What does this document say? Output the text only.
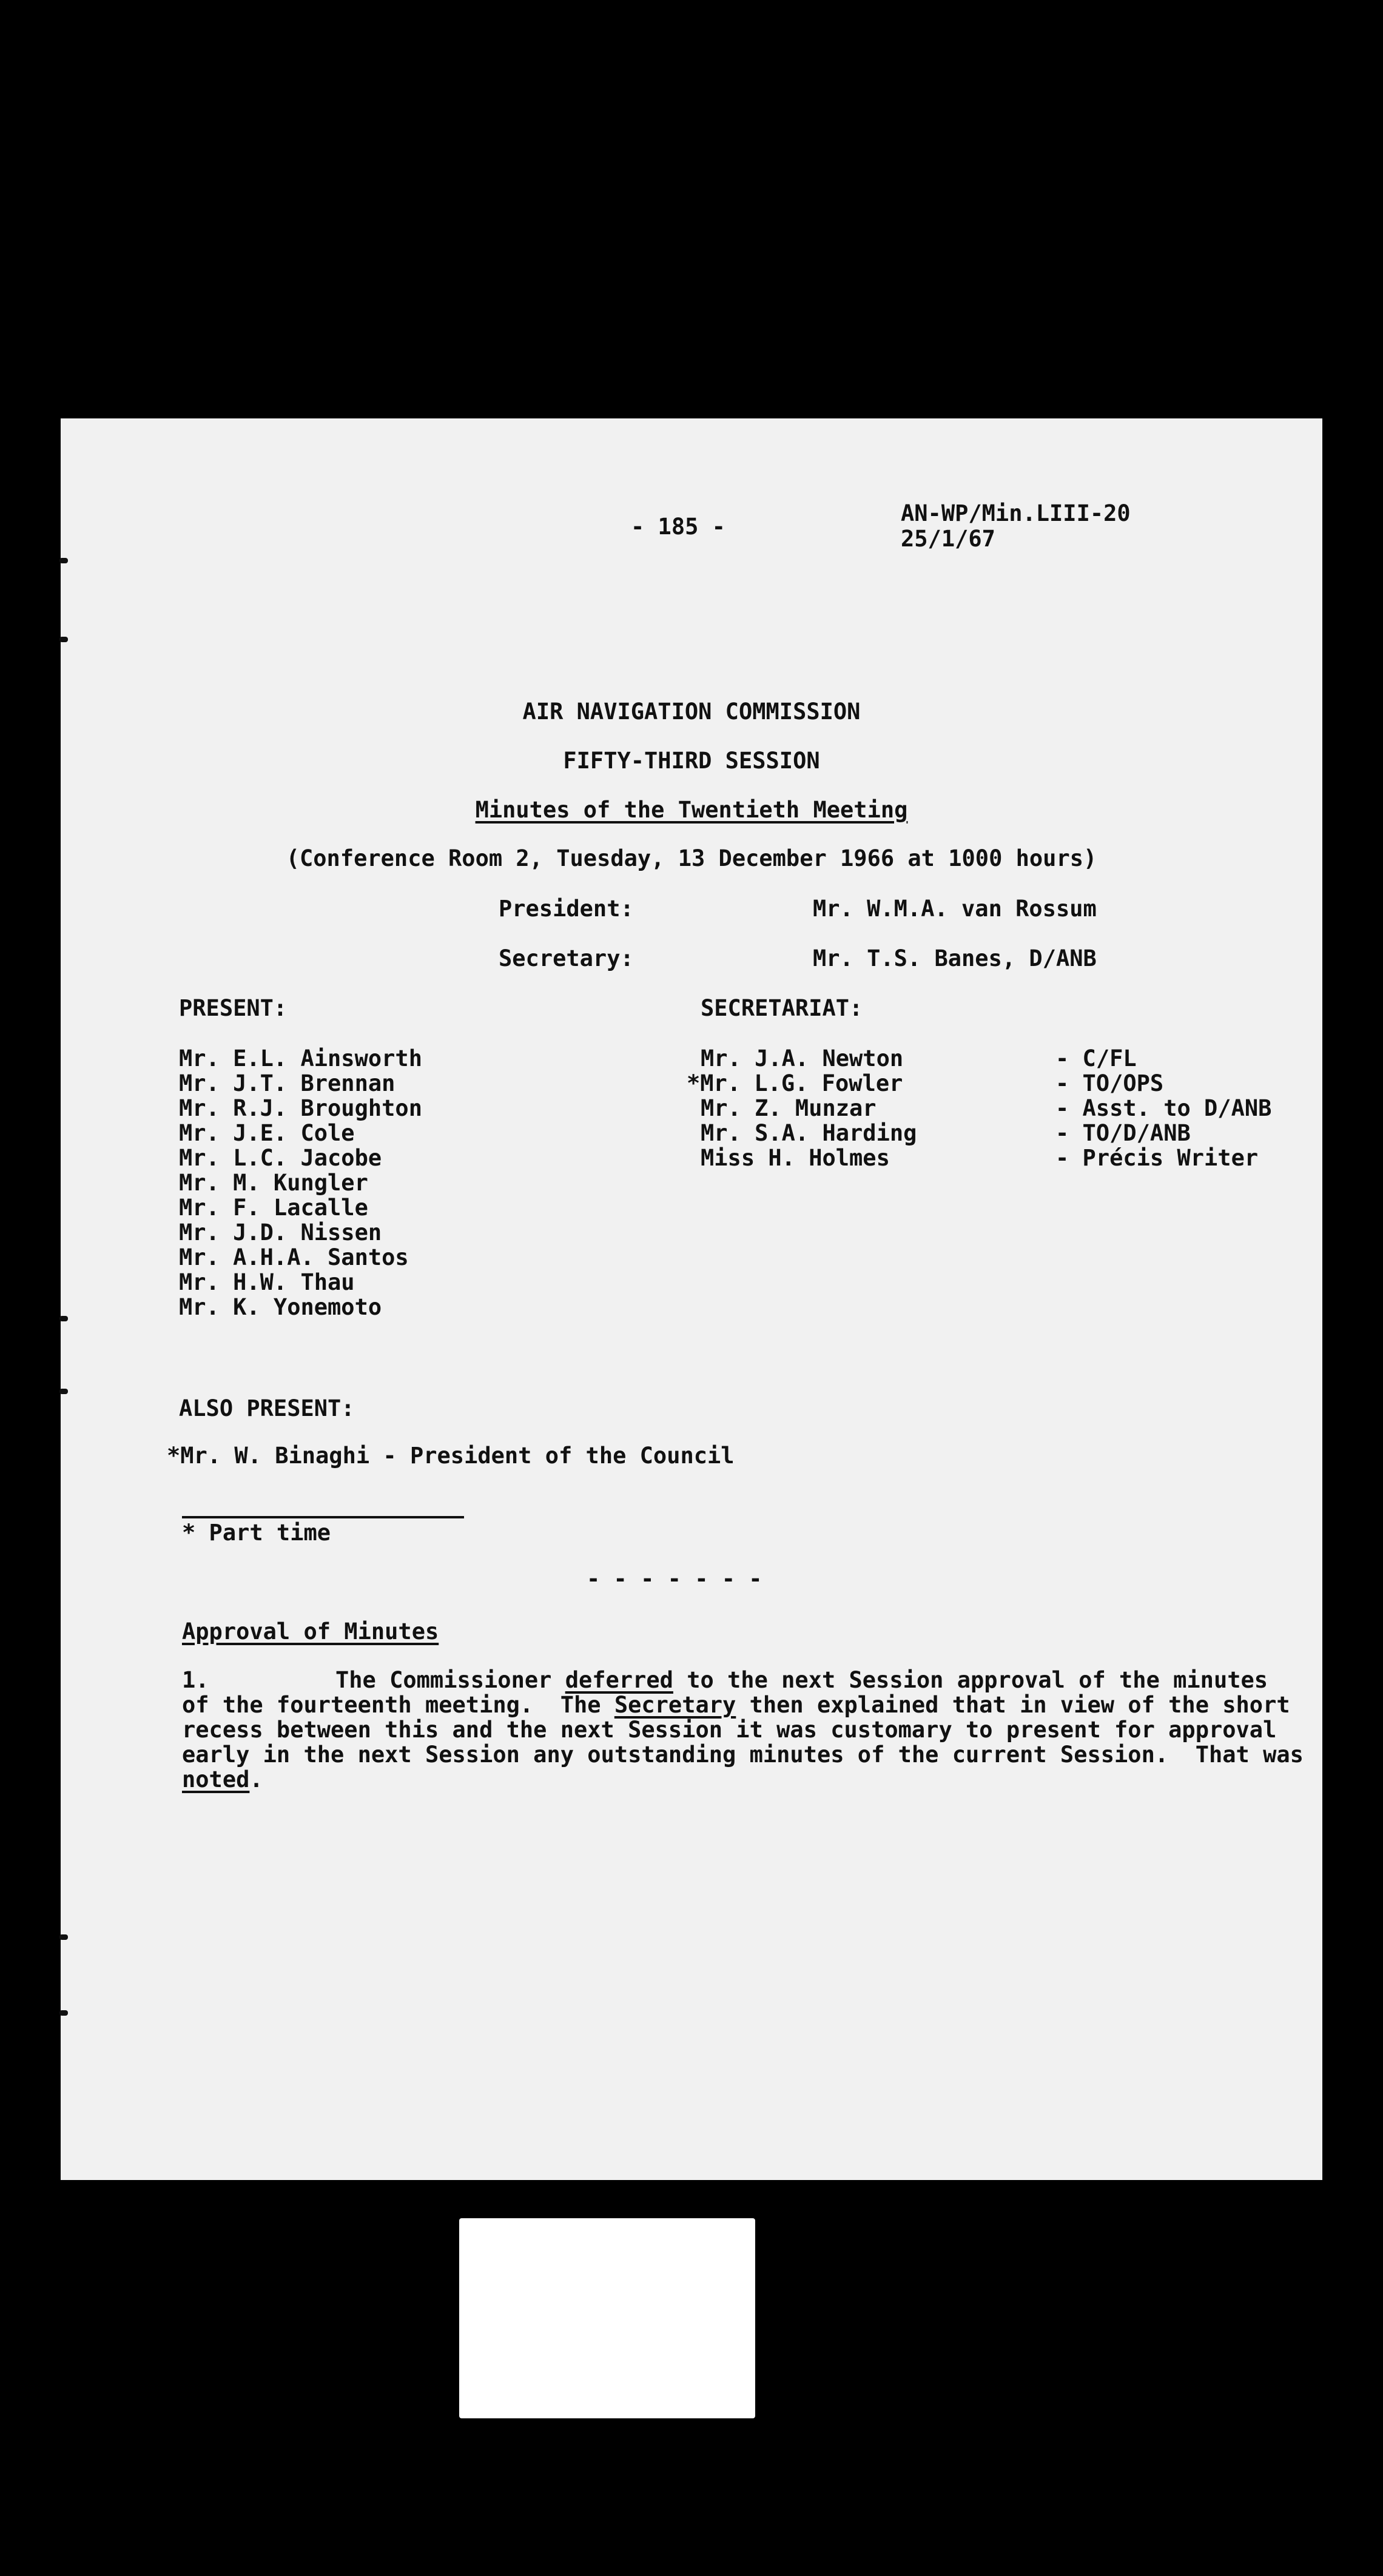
- 185 -
AN-WP/Min.LIII-20
25/1/67
AIR NAVIGATION COMMISSION
FIFTY-THIRD SESSION
Minutes of the Twentieth Meeting
(Conference Room 2, Tuesday, 13 December 1966 at 1000 hours)
President:	Mr. W.M.A. van Rossum
Secretary:	Mr. T.S. Banes, D/ANB
PRESENT:
Mr. E.L. Ainsworth
Mr. J.T. Brennan
Mr. R.J. Broughton
Mr. J.E. Cole
Mr. L.C. Jacobe
Mr. M. Kungler
Mr. F. Lacalle
Mr. J.D. Nissen
Mr. A.H.A. Santos
Mr. H.W. Thau
Mr. K. Yonemoto
SECRETARIAT:
Mr. J.A. Newton	- C/FL
*Mr. L.G. Fowler	- TO/OPS
Mr. Z. Munzar	- Asst. to D/ANB
Mr. S.A. Harding	- TO/D/ANB
Miss H. Holmes	- Précis Writer
ALSO PRESENT:
*Mr. W. Binaghi - President of the Council
* Part time
- - - - - - -
Approval of Minutes
1.	The Commissioner deferred to the next Session approval of the minutes
of the fourteenth meeting.  The Secretary then explained that in view of the short
recess between this and the next Session it was customary to present for approval
early in the next Session any outstanding minutes of the current Session.  That was
noted.
